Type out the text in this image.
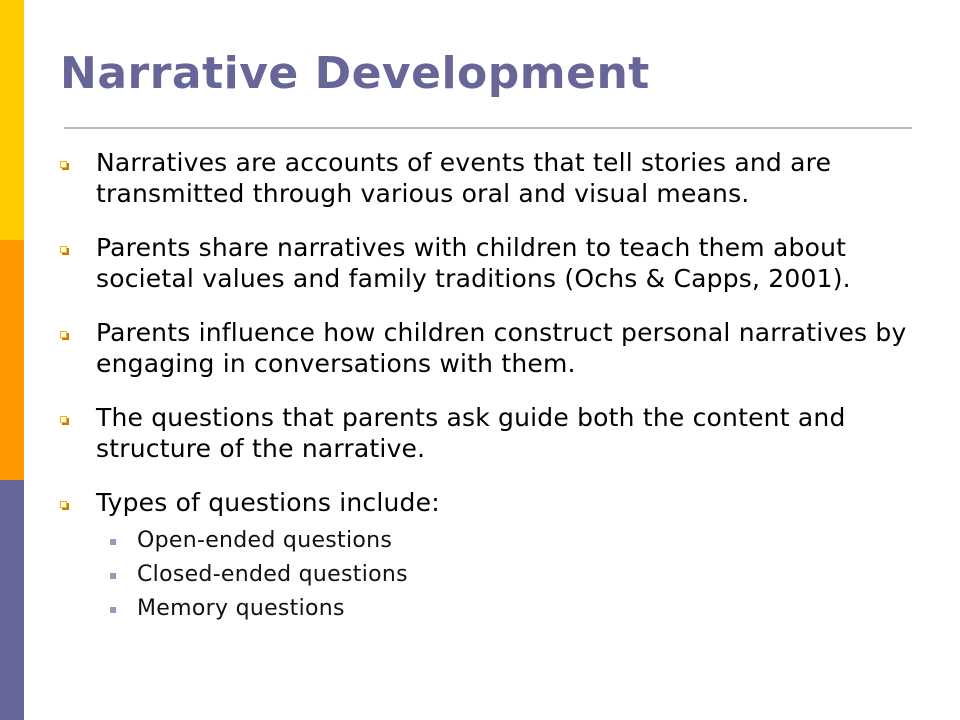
Narrative Development
Narratives are accounts of events that tell stories and are transmitted through various oral and visual means.
Parents share narratives with children to teach them about societal values and family traditions (Ochs & Capps, 2001).
Parents influence how children construct personal narratives by engaging in conversations with them.
The questions that parents ask guide both the content and structure of the narrative.
Types of questions include:
Open-ended questions
Closed-ended questions
Memory questions
